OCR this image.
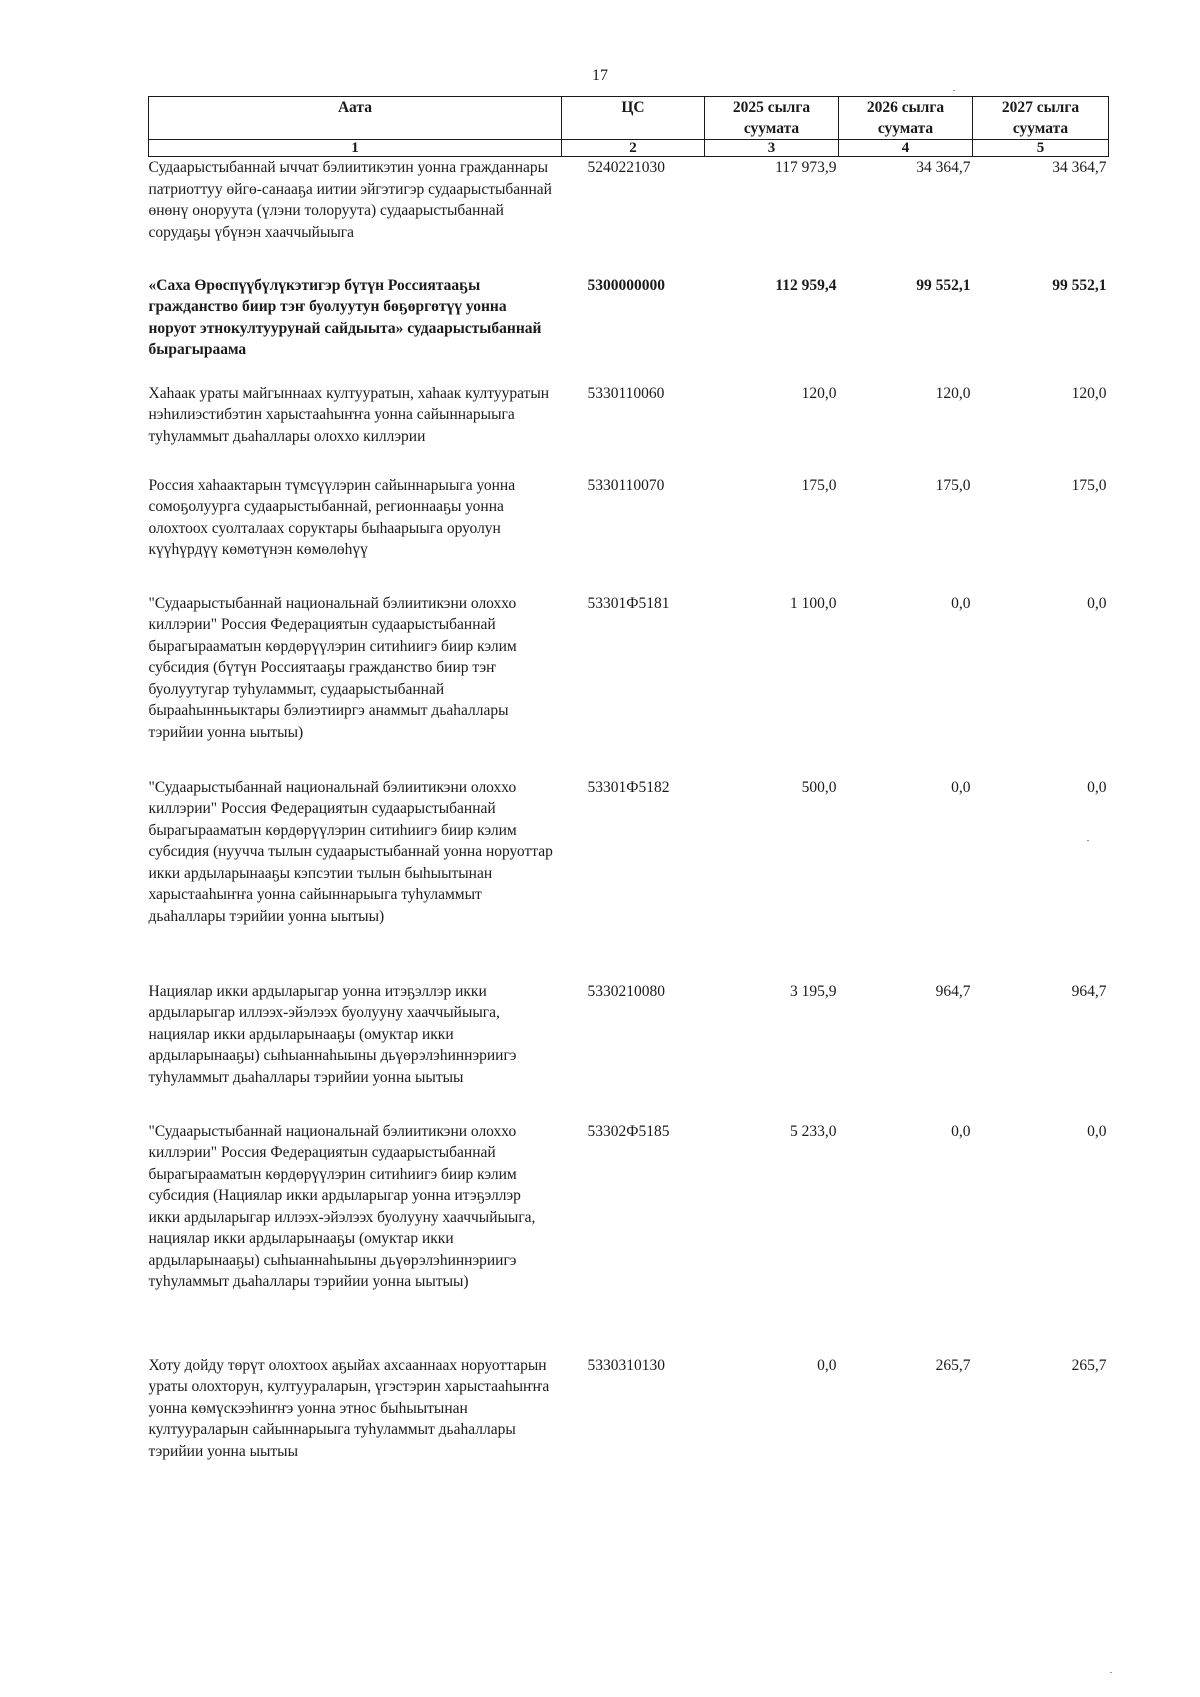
17
Аата	ЦС	2025 сылга суумата	2026 сылга суумата	2027 сылга суумата
1	2	3	4	5
Судаарыстыбаннай ыччат бэлиитикэтин уонна гражданнары патриоттуу өйгө-санааҕа иитии эйгэтигэр судаарыстыбаннай өнөнү оноруута (үлэни толоруута) судаарыстыбаннай сорудаҕы үбүнэн хааччыйыыга	5240221030	117 973,9	34 364,7	34 364,7
«Саха Өрөспүүбүлүкэтигэр бүтүн Россиятааҕы гражданство биир тэҥ буолуутун бөҕөргөтүү уонна норуот этнокултуурунай сайдыыта» судаарыстыбаннай бырагыраама	5300000000	112 959,4	99 552,1	99 552,1
Хаһаак ураты майгыннаах култууратын, хаһаак култууратын нэһилиэстибэтин харыстааһыҥҥа уонна сайыннарыыга туһуламмыт дьаһаллары олоххо киллэрии	5330110060	120,0	120,0	120,0
Россия хаһаактарын түмсүүлэрин сайыннарыыга уонна сомоҕолуурга судаарыстыбаннай, регионнааҕы уонна олохтоох суолталаах соруктары быһаарыыга оруолун күүһүрдүү көмөтүнэн көмөлөһүү	5330110070	175,0	175,0	175,0
"Судаарыстыбаннай национальнай бэлиитикэни олоххо киллэрии" Россия Федерациятын судаарыстыбаннай бырагырааматын көрдөрүүлэрин ситиһиигэ биир кэлим субсидия (бүтүн Россиятааҕы гражданство биир тэҥ буолуутугар туһуламмыт, судаарыстыбаннай бырааһынньыктары бэлиэтииргэ анаммыт дьаһаллары тэрийии уонна ыытыы)	53301Ф5181	1 100,0	0,0	0,0
"Судаарыстыбаннай национальнай бэлиитикэни олоххо киллэрии" Россия Федерациятын судаарыстыбаннай бырагырааматын көрдөрүүлэрин ситиһиигэ биир кэлим субсидия (нуучча тылын судаарыстыбаннай уонна норуоттар икки ардыларынааҕы кэпсэтии тылын быһыытынан харыстааһыҥҥа уонна сайыннарыыга туһуламмыт дьаһаллары тэрийии уонна ыытыы)	53301Ф5182	500,0	0,0	0,0
Нациялар икки ардыларыгар уонна итэҕэллэр икки ардыларыгар иллээх-эйэлээх буолууну хааччыйыыга, нациялар икки ардыларынааҕы (омуктар икки ардыларынааҕы) сыһыаннаһыыны дьүөрэлэһиннэриигэ туһуламмыт дьаһаллары тэрийии уонна ыытыы	5330210080	3 195,9	964,7	964,7
"Судаарыстыбаннай национальнай бэлиитикэни олоххо киллэрии" Россия Федерациятын судаарыстыбаннай бырагырааматын көрдөрүүлэрин ситиһиигэ биир кэлим субсидия (Нациялар икки ардыларыгар уонна итэҕэллэр икки ардыларыгар иллээх-эйэлээх буолууну хааччыйыыга, нациялар икки ардыларынааҕы (омуктар икки ардыларынааҕы) сыһыаннаһыыны дьүөрэлэһиннэриигэ туһуламмыт дьаһаллары тэрийии уонна ыытыы)	53302Ф5185	5 233,0	0,0	0,0
Хоту дойду төрүт олохтоох аҕыйах ахсааннаах норуоттарын ураты олохторун, култуураларын, үгэстэрин харыстааһыҥҥа уонна көмүскээһиҥҥэ уонна этнос быһыытынан култуураларын сайыннарыыга туһуламмыт дьаһаллары тэрийии уонна ыытыы	5330310130	0,0	265,7	265,7
